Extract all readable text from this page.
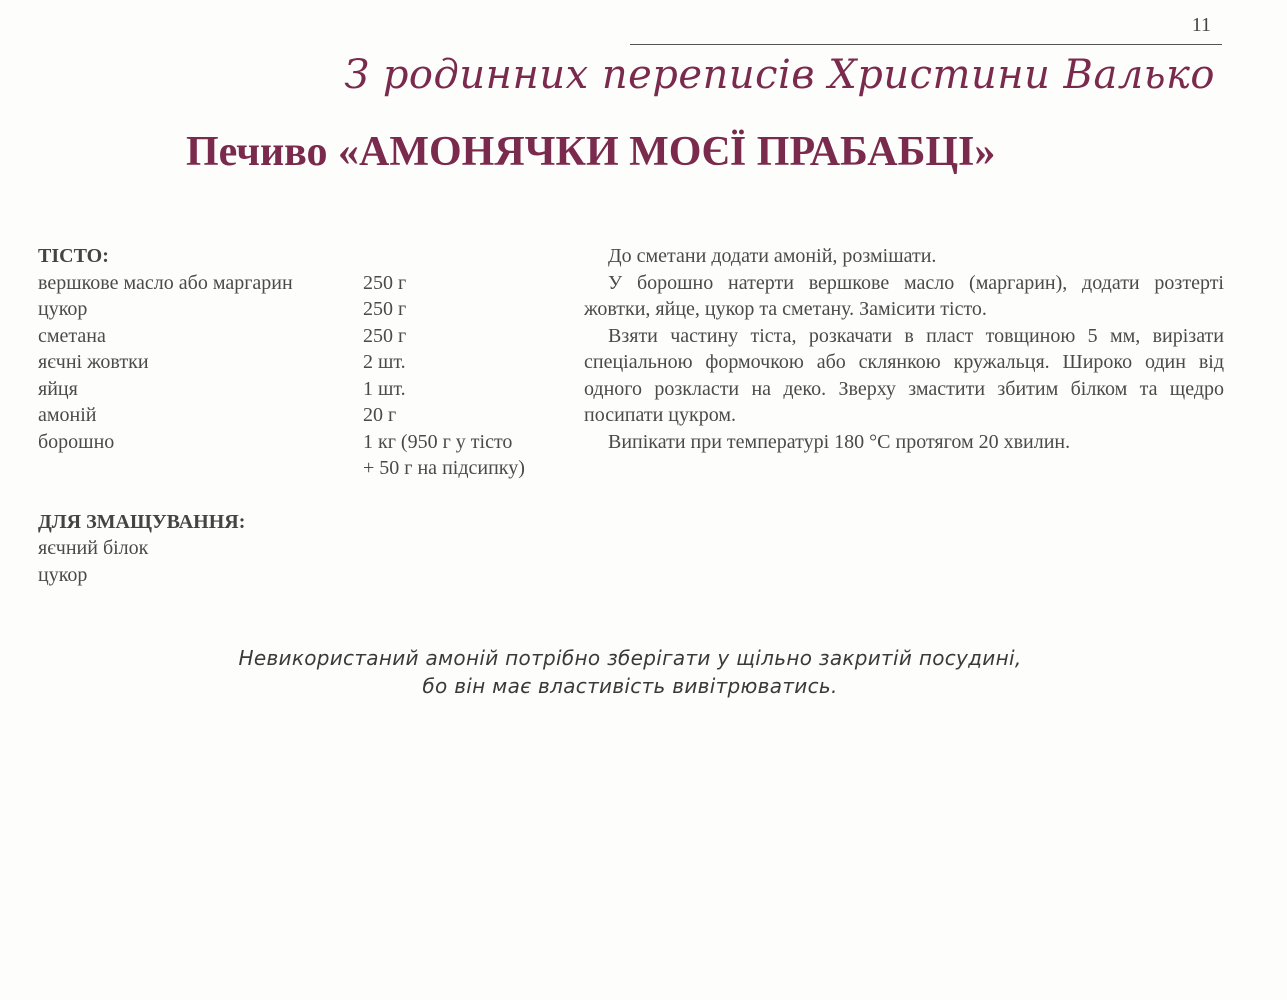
11
З родинних переписів Христини Валько
Печиво «АМОНЯЧКИ МОЄЇ ПРАБАБЦІ»
ТІСТО:
вершкове масло або маргарин	250 г
цукор	250 г
сметана	250 г
яєчні жовтки	2 шт.
яйця	1 шт.
амоній	20 г
борошно	1 кг (950 г у тісто
+ 50 г на підсипку)
ДЛЯ ЗМАЩУВАННЯ:
яєчний білок
цукор

До сметани додати амоній, розмішати.

У борошно натерти вершкове масло (маргарин), додати розтерті жовтки, яйце, цукор та сметану. Замісити тісто.

Взяти частину тіста, розкачати в пласт товщиною 5 мм, вирізати спеціальною формочкою або склянкою кружальця. Широко один від одного розкласти на деко. Зверху змастити збитим білком та щедро посипати цукром.

Випікати при температурі 180 °С протягом 20 хвилин.

Невикористаний амоній потрібно зберігати у щільно закритій посудині,
бо він має властивість вивітрюватись.
